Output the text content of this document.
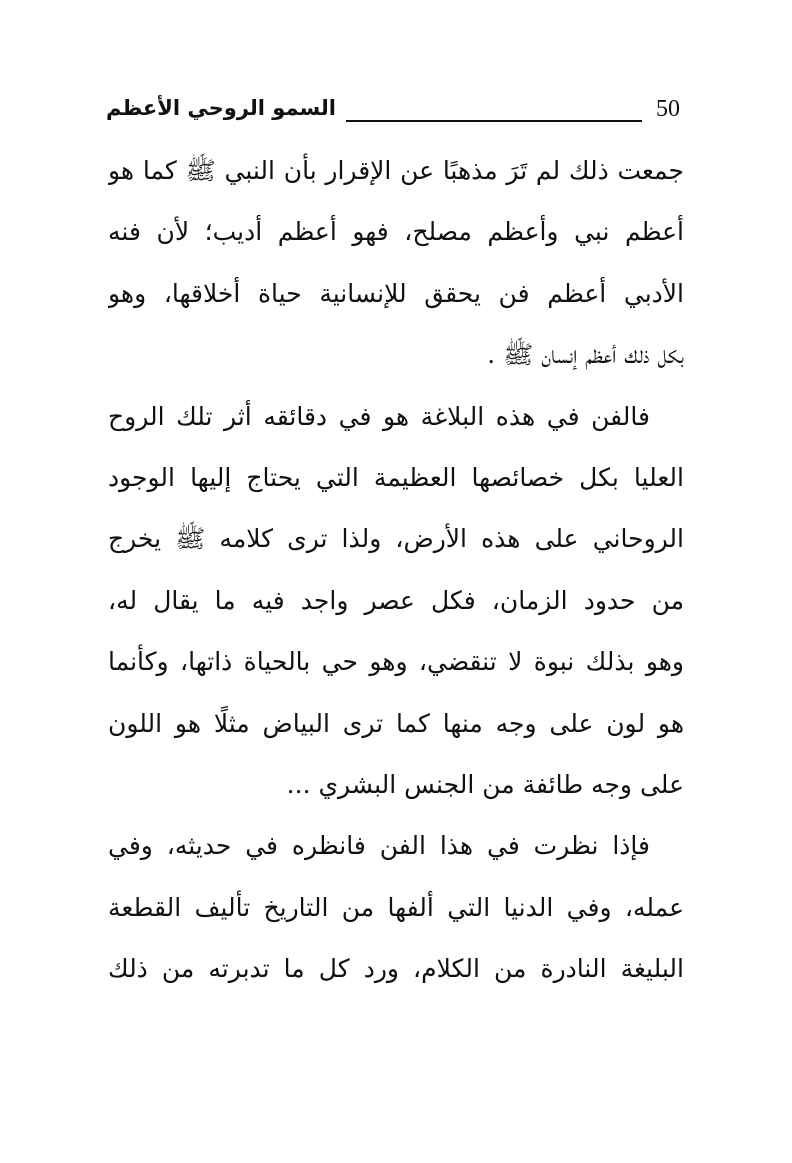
50
السمو الروحي الأعظم
جمعت ذلك لم تَرَ مذهبًا عن الإقرار بأن النبي ﷺ كما هو
أعظم نبي وأعظم مصلح، فهو أعظم أديب؛ لأن فنه
الأدبي أعظم فن يحقق للإنسانية حياة أخلاقها، وهو
بكل ذلك أعظم إنسان ﷺ .
فالفن في هذه البلاغة هو في دقائقه أثر تلك الروح
العليا بكل خصائصها العظيمة التي يحتاج إليها الوجود
الروحاني على هذه الأرض، ولذا ترى كلامه ﷺ يخرج
من حدود الزمان، فكل عصر واجد فيه ما يقال له،
وهو بذلك نبوة لا تنقضي، وهو حي بالحياة ذاتها، وكأنما
هو لون على وجه منها كما ترى البياض مثلًا هو اللون
على وجه طائفة من الجنس البشري ...
فإذا نظرت في هذا الفن فانظره في حديثه، وفي
عمله، وفي الدنيا التي ألفها من التاريخ تأليف القطعة
البليغة النادرة من الكلام، ورد كل ما تدبرته من ذلك
